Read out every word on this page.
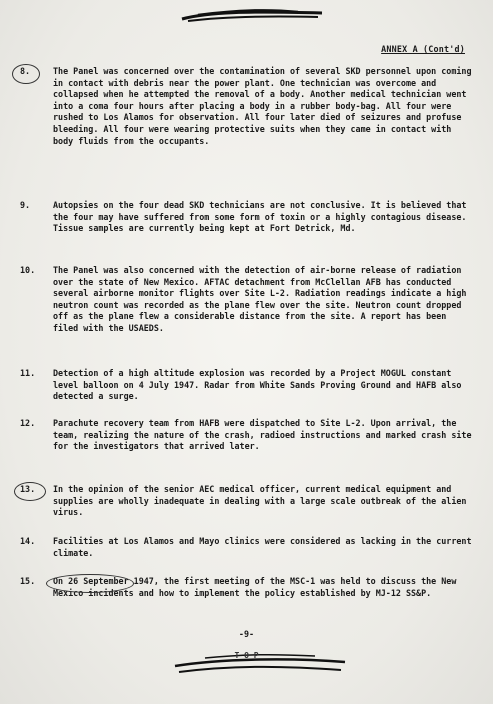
ANNEX A (Cont'd)
8.	The Panel was concerned over the contamination of several SKD personnel upon coming in contact with debris near the power plant. One technician was overcome and collapsed when he attempted the removal of a body. Another medical technician went into a coma four hours after placing a body in a rubber body-bag. All four were rushed to Los Alamos for observation. All four later died of seizures and profuse bleeding. All four were wearing protective suits when they came in contact with body fluids from the occupants.
9.	Autopsies on the four dead SKD technicians are not conclusive. It is believed that the four may have suffered from some form of toxin or a highly contagious disease. Tissue samples are currently being kept at Fort Detrick, Md.
10.	The Panel was also concerned with the detection of air-borne release of radiation over the state of New Mexico. AFTAC detachment from McClellan AFB has conducted several airborne monitor flights over Site L-2. Radiation readings indicate a high neutron count was recorded as the plane flew over the site. Neutron count dropped off as the plane flew a considerable distance from the site. A report has been filed with the USAEDS.
11.	Detection of a high altitude explosion was recorded by a Project MOGUL constant level balloon on 4 July 1947. Radar from White Sands Proving Ground and HAFB also detected a surge.
12.	Parachute recovery team from HAFB were dispatched to Site L-2. Upon arrival, the team, realizing the nature of the crash, radioed instructions and marked crash site for the investigators that arrived later.
13.	In the opinion of the senior AEC medical officer, current medical equipment and supplies are wholly inadequate in dealing with a large scale outbreak of the alien virus.
14.	Facilities at Los Alamos and Mayo clinics were considered as lacking in the current climate.
15.	On 26 September 1947, the first meeting of the MSC-1 was held to discuss the New Mexico incidents and how to implement the policy established by MJ-12 SS&P.
-9-
T O P
